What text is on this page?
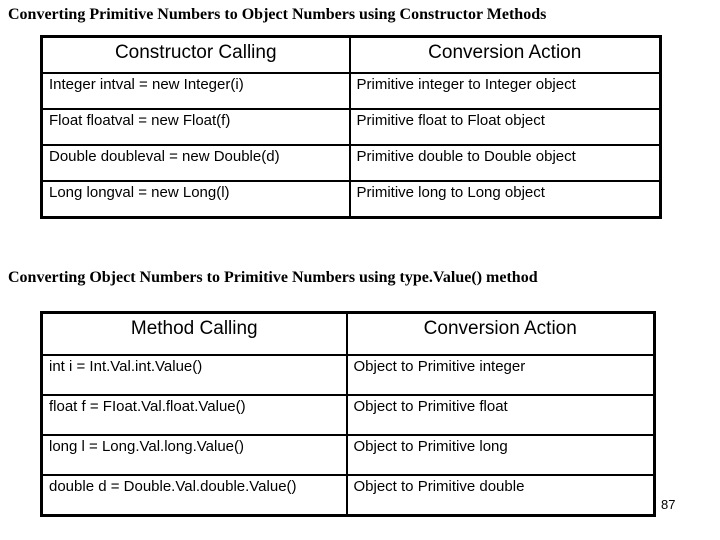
Converting Primitive Numbers to Object Numbers using Constructor Methods
Constructor Calling	Conversion Action
Integer intval = new Integer(i)	Primitive integer to Integer object
Float floatval = new Float(f)	Primitive float to Float object
Double doubleval = new Double(d)	Primitive double to Double object
Long longval = new Long(l)	Primitive long to Long object
Converting Object Numbers to Primitive Numbers using type.Value() method
Method Calling	Conversion Action
int i = Int.Val.int.Value()	Object to Primitive integer
float f = FIoat.Val.float.Value()	Object to Primitive float
long l = Long.Val.long.Value()	Object to Primitive long
double d = Double.Val.double.Value()	Object to Primitive double
87
